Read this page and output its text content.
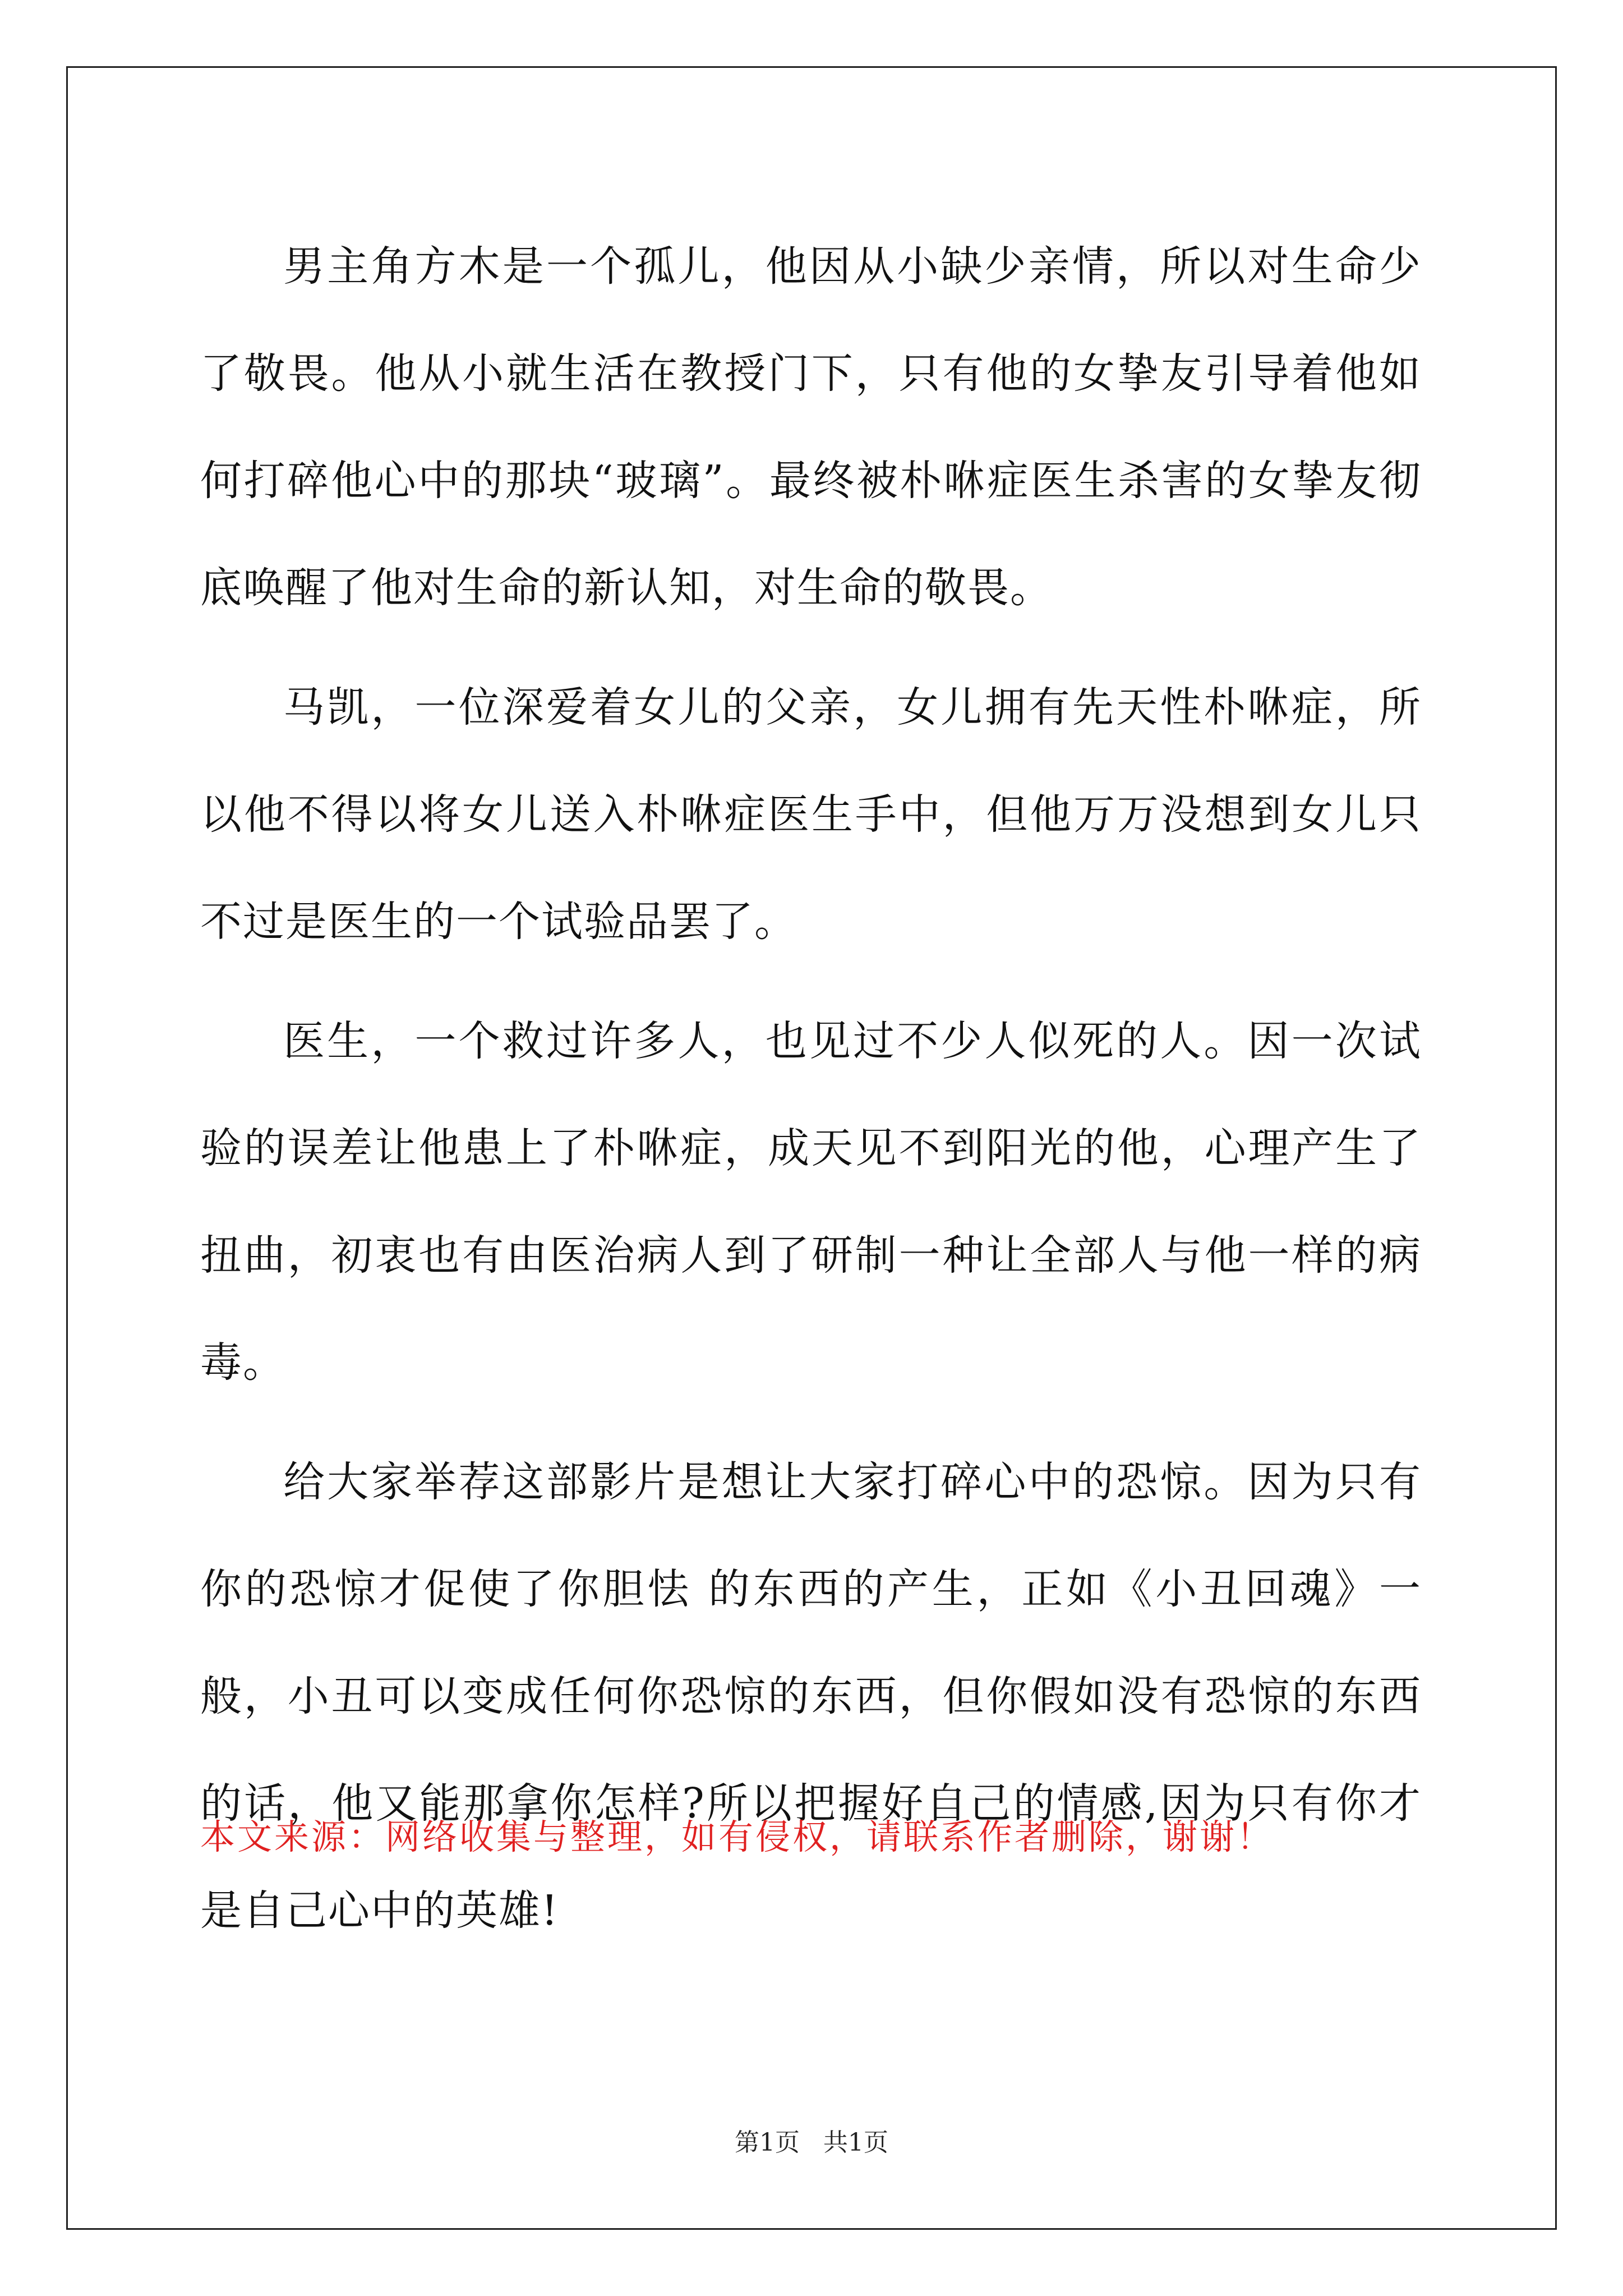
男主角方木是一个孤儿，他因从小缺少亲情，所以对生命少了敬畏。他从小就生活在教授门下，只有他的女挚友引导着他如何打碎他心中的那块“玻璃”。最终被朴咻症医生杀害的女挚友彻底唤醒了他对生命的新认知，对生命的敬畏。

马凯，一位深爱着女儿的父亲，女儿拥有先天性朴咻症，所以他不得以将女儿送入朴咻症医生手中，但他万万没想到女儿只不过是医生的一个试验品罢了。

医生，一个救过许多人，也见过不少人似死的人。因一次试验的误差让他患上了朴咻症，成天见不到阳光的他，心理产生了扭曲，初衷也有由医治病人到了研制一种让全部人与他一样的病毒。

给大家举荐这部影片是想让大家打碎心中的恐惊。因为只有你的恐惊才促使了你胆怯 的东西的产生，正如《小丑回魂》一般，小丑可以变成任何你恐惊的东西，但你假如没有恐惊的东西的话，他又能那拿你怎样?所以把握好自己的情感,因为只有你才是自己心中的英雄!

本文来源：网络收集与整理，如有侵权，请联系作者删除，谢谢！
第1页   共1页
